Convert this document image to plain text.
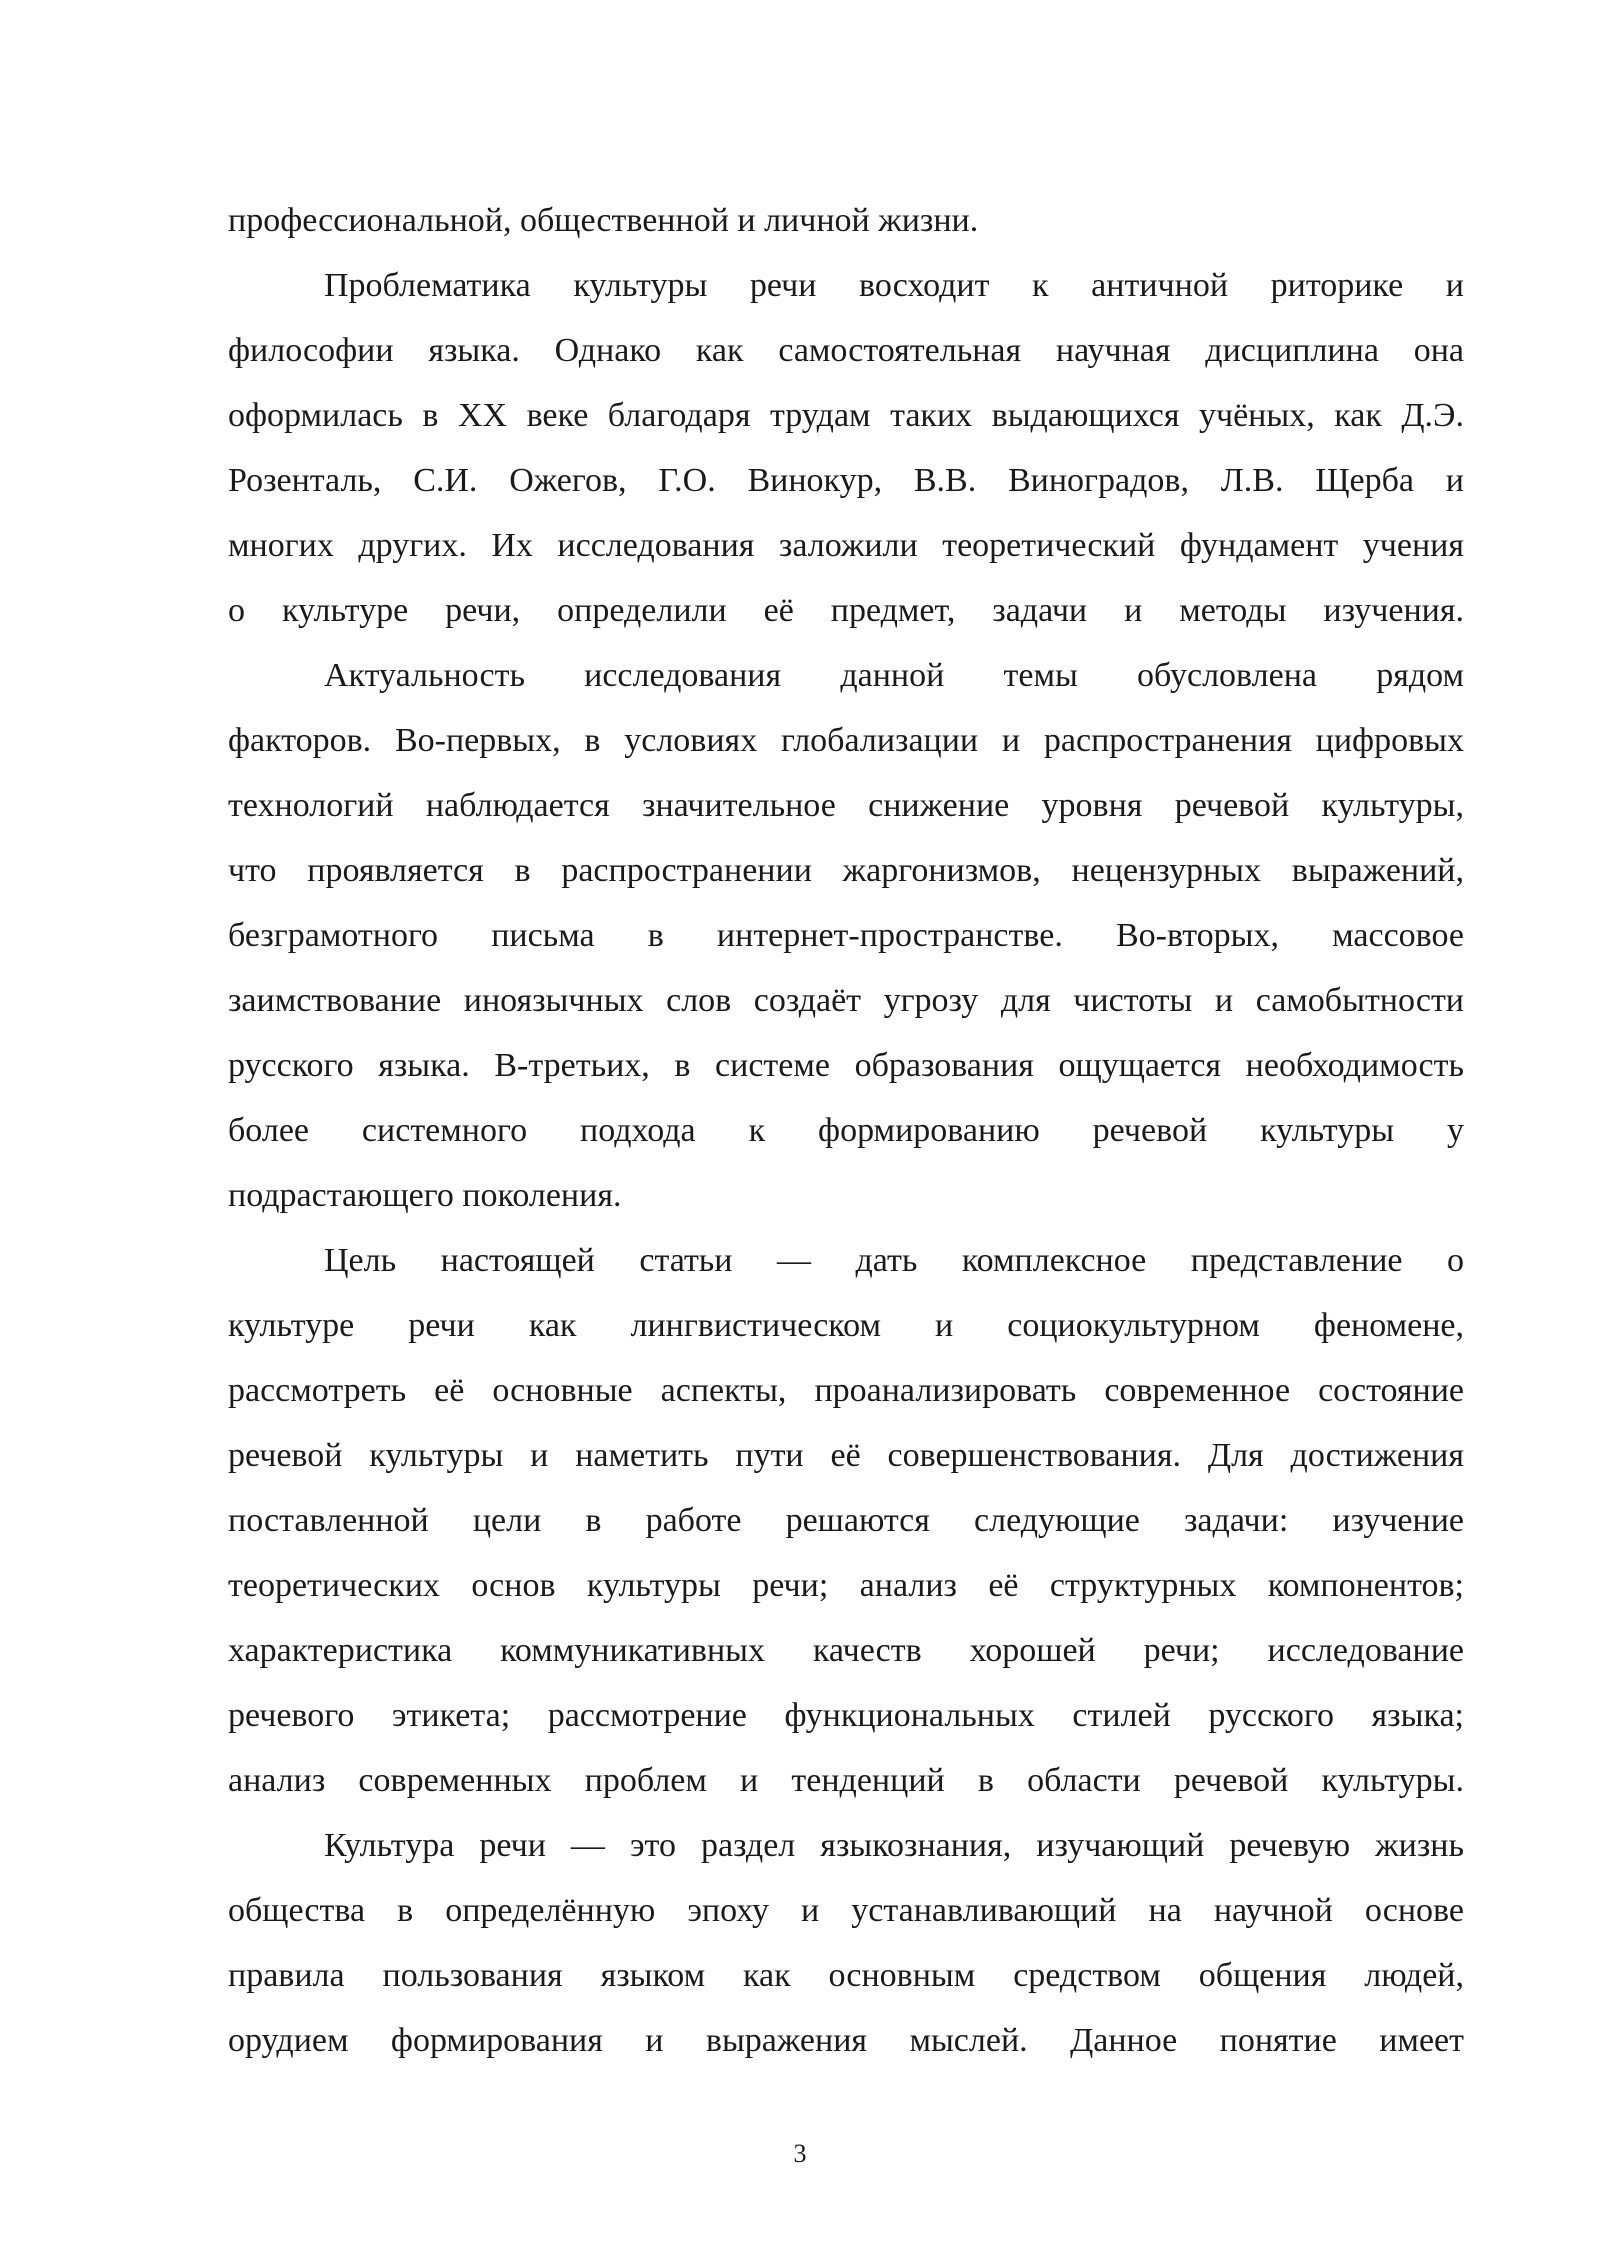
профессиональной, общественной и личной жизни.
Проблематика культуры речи восходит к античной риторике и
философии языка. Однако как самостоятельная научная дисциплина она
оформилась в XX веке благодаря трудам таких выдающихся учёных, как Д.Э.
Розенталь, С.И. Ожегов, Г.О. Винокур, В.В. Виноградов, Л.В. Щерба и
многих других. Их исследования заложили теоретический фундамент учения
о культуре речи, определили её предмет, задачи и методы изучения.
Актуальность исследования данной темы обусловлена рядом
факторов. Во-первых, в условиях глобализации и распространения цифровых
технологий наблюдается значительное снижение уровня речевой культуры,
что проявляется в распространении жаргонизмов, нецензурных выражений,
безграмотного письма в интернет-пространстве. Во-вторых, массовое
заимствование иноязычных слов создаёт угрозу для чистоты и самобытности
русского языка. В-третьих, в системе образования ощущается необходимость
более системного подхода к формированию речевой культуры у
подрастающего поколения.
Цель настоящей статьи — дать комплексное представление о
культуре речи как лингвистическом и социокультурном феномене,
рассмотреть её основные аспекты, проанализировать современное состояние
речевой культуры и наметить пути её совершенствования. Для достижения
поставленной цели в работе решаются следующие задачи: изучение
теоретических основ культуры речи; анализ её структурных компонентов;
характеристика коммуникативных качеств хорошей речи; исследование
речевого этикета; рассмотрение функциональных стилей русского языка;
анализ современных проблем и тенденций в области речевой культуры.
Культура речи — это раздел языкознания, изучающий речевую жизнь
общества в определённую эпоху и устанавливающий на научной основе
правила пользования языком как основным средством общения людей,
орудием формирования и выражения мыслей. Данное понятие имеет
3
